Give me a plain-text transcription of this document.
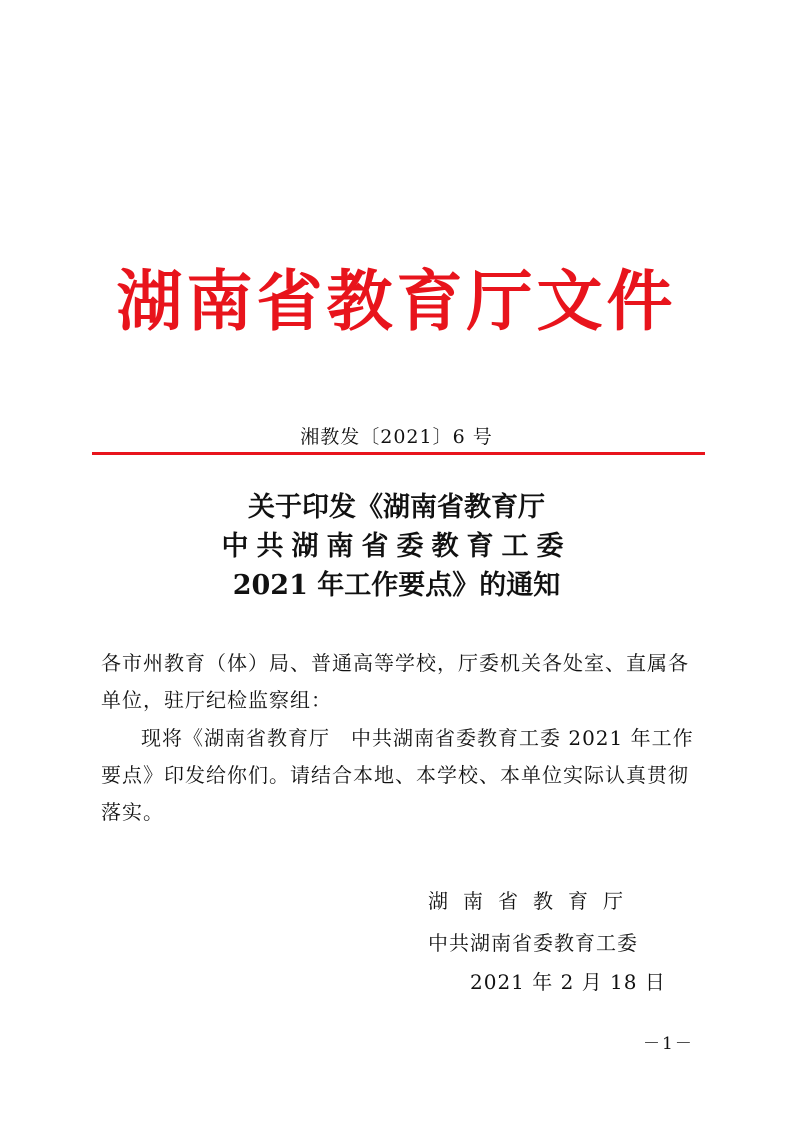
湖南省教育厅文件
湘教发〔2021〕6 号
关于印发《湖南省教育厅
中共湖南省委教育工委
2021 年工作要点》的通知
各市州教育（体）局、普通高等学校，厅委机关各处室、直属各单位，驻厅纪检监察组：
现将《湖南省教育厅　中共湖南省委教育工委 2021 年工作要点》印发给你们。请结合本地、本学校、本单位实际认真贯彻落实。
湖南省教育厅
中共湖南省委教育工委
2021 年 2 月 18 日
－1－
